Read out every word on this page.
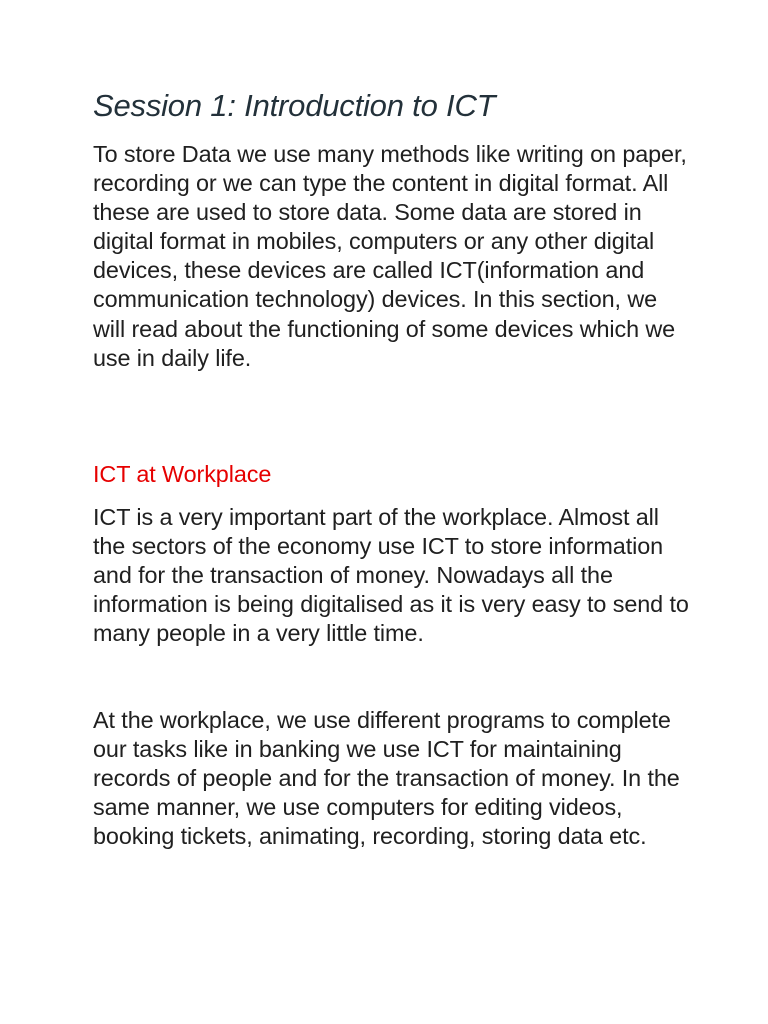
Session 1: Introduction to ICT

To store Data we use many methods like writing on paper, recording or we can type the content in digital format. All these are used to store data. Some data are stored in digital format in mobiles, computers or any other digital devices, these devices are called ICT(information and communication technology) devices. In this section, we will read about the functioning of some devices which we use in daily life.

ICT at Workplace

ICT is a very important part of the workplace. Almost all the sectors of the economy use ICT to store information and for the transaction of money. Nowadays all the information is being digitalised as it is very easy to send to many people in a very little time.

At the workplace, we use different programs to complete our tasks like in banking we use ICT for maintaining records of people and for the transaction of money. In the same manner, we use computers for editing videos, booking tickets, animating, recording, storing data etc.
